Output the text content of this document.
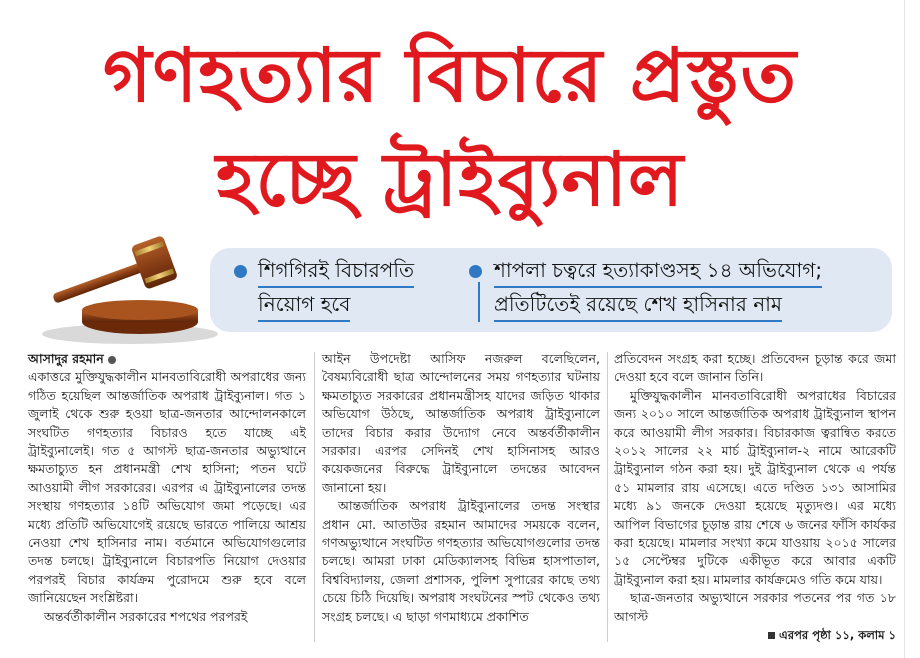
গণহত্যার বিচারে প্রস্তুত
হচ্ছে ট্রাইব্যুনাল
শিগগিরই বিচারপতি
নিয়োগ হবে
শাপলা চত্বরে হত্যাকাণ্ডসহ ১৪ অভিযোগ;
প্রতিটিতেই রয়েছে শেখ হাসিনার নাম
আসাদুর রহমান

একাত্তরে মুক্তিযুদ্ধকালীন মানবতাবিরোধী অপরাধের জন্য গঠিত হয়েছিল আন্তর্জাতিক অপরাধ ট্রাইব্যুনাল। গত ১ জুলাই থেকে শুরু হওয়া ছাত্র-জনতার আন্দোলনকালে সংঘটিত গণহত্যার বিচারও হতে যাচ্ছে এই ট্রাইব্যুনালেই। গত ৫ আগস্ট ছাত্র-জনতার অভ্যুত্থানে ক্ষমতাচ্যুত হন প্রধানমন্ত্রী শেখ হাসিনা; পতন ঘটে আওয়ামী লীগ সরকারের। এরপর এ ট্রাইব্যুনালের তদন্ত সংস্থায় গণহত্যার ১৪টি অভিযোগ জমা পড়েছে। এর মধ্যে প্রতিটি অভিযোগেই রয়েছে ভারতে পালিয়ে আশ্রয় নেওয়া শেখ হাসিনার নাম। বর্তমানে অভিযোগগুলোর তদন্ত চলছে। ট্রাইব্যুনালে বিচারপতি নিয়োগ দেওয়ার পরপরই বিচার কার্যক্রম পুরোদমে শুরু হবে বলে জানিয়েছেন সংশ্লিষ্টরা।

অন্তর্বর্তীকালীন সরকারের শপথের পরপরই

আইন উপদেষ্টা আসিফ নজরুল বলেছিলেন, বৈষম্যবিরোধী ছাত্র আন্দোলনের সময় গণহত্যার ঘটনায় ক্ষমতাচ্যুত সরকারের প্রধানমন্ত্রীসহ যাদের জড়িত থাকার অভিযোগ উঠছে, আন্তর্জাতিক অপরাধ ট্রাইব্যুনালে তাদের বিচার করার উদ্যোগ নেবে অন্তর্বর্তীকালীন সরকার। এরপর সেদিনই শেখ হাসিনাসহ আরও কয়েকজনের বিরুদ্ধে ট্রাইব্যুনালে তদন্তের আবেদন জানানো হয়।

আন্তর্জাতিক অপরাধ ট্রাইব্যুনালের তদন্ত সংস্থার প্রধান মো. আতাউর রহমান আমাদের সময়কে বলেন, গণঅভ্যুত্থানে সংঘটিত গণহত্যার অভিযোগগুলোর তদন্ত চলছে। আমরা ঢাকা মেডিক্যালসহ বিভিন্ন হাসপাতাল, বিশ্ববিদ্যালয়, জেলা প্রশাসক, পুলিশ সুপারের কাছে তথ্য চেয়ে চিঠি দিয়েছি। অপরাধ সংঘটনের স্পট থেকেও তথ্য সংগ্রহ চলছে। এ ছাড়া গণমাধ্যমে প্রকাশিত

প্রতিবেদন সংগ্রহ করা হচ্ছে। প্রতিবেদন চূড়ান্ত করে জমা দেওয়া হবে বলে জানান তিনি।

মুক্তিযুদ্ধকালীন মানবতাবিরোধী অপরাধের বিচারের জন্য ২০১০ সালে আন্তর্জাতিক অপরাধ ট্রাইব্যুনাল স্থাপন করে আওয়ামী লীগ সরকার। বিচারকাজ ত্বরান্বিত করতে ২০১২ সালের ২২ মার্চ ট্রাইব্যুনাল-২ নামে আরেকটি ট্রাইব্যুনাল গঠন করা হয়। দুই ট্রাইব্যুনাল থেকে এ পর্যন্ত ৫১ মামলার রায় এসেছে। এতে দণ্ডিত ১৩১ আসামির মধ্যে ৯১ জনকে দেওয়া হয়েছে মৃত্যুদণ্ড। এর মধ্যে আপিল বিভাগের চূড়ান্ত রায় শেষে ৬ জনের ফাঁসি কার্যকর করা হয়েছে। মামলার সংখ্যা কমে যাওয়ায় ২০১৫ সালের ১৫ সেপ্টেম্বর দুটিকে একীভূত করে আবার একটি ট্রাইব্যুনাল করা হয়। মামলার কার্যক্রমেও গতি কমে যায়।

ছাত্র-জনতার অভ্যুত্থানে সরকার পতনের পর গত ১৮ আগস্ট

এরপর পৃষ্ঠা ১১, কলাম ১
